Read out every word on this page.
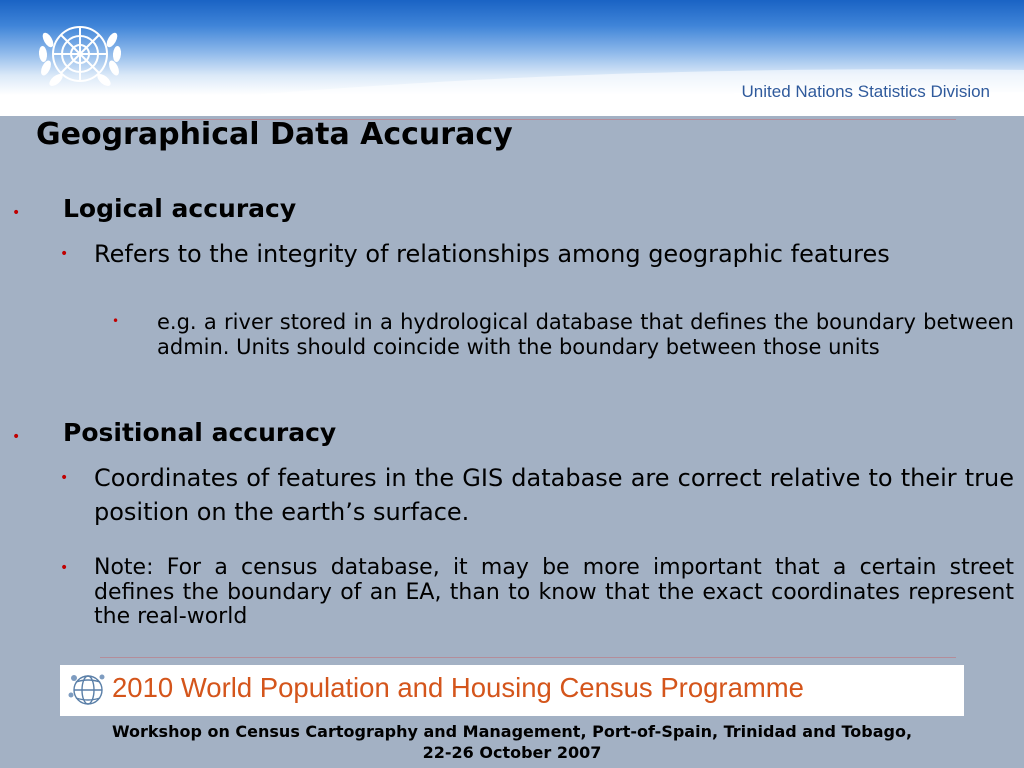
United Nations Statistics Division
Geographical Data Accuracy
• Logical accuracy
• Refers to the integrity of relationships among geographic features
• e.g. a river stored in a hydrological database that defines the boundary between admin. Units should coincide with the boundary between those units
• Positional accuracy
• Coordinates of features in the GIS database are correct relative to their true position on the earth’s surface.
• Note: For a census database, it may be more important that a certain street defines the boundary of an EA, than to know that the exact coordinates represent the real-world
2010 World Population and Housing Census Programme
Workshop on Census Cartography and Management, Port-of-Spain, Trinidad and Tobago,
22-26 October 2007
